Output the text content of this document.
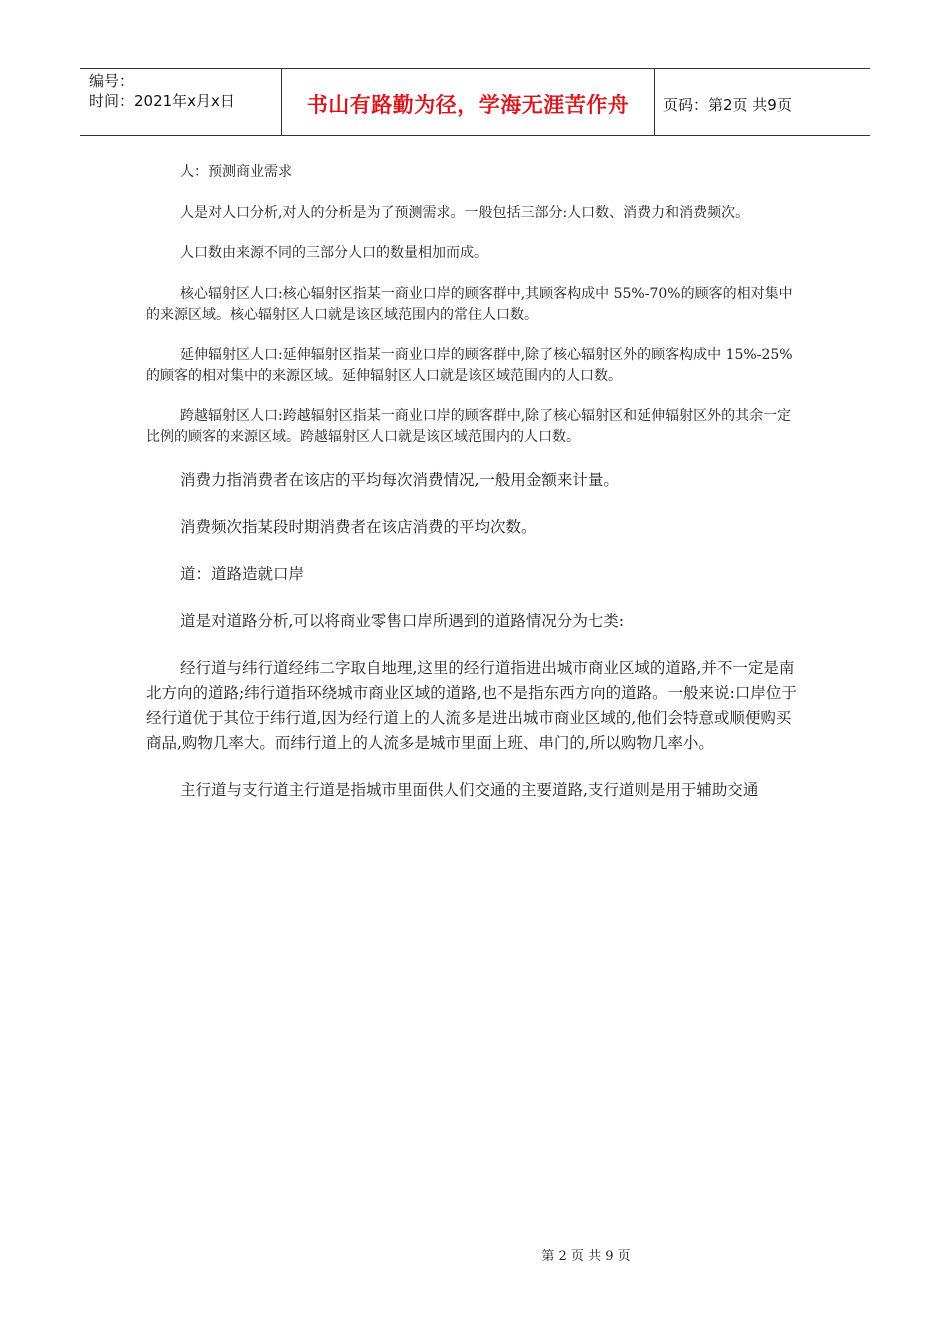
编号：
时间：2021年x月x日	书山有路勤为径，学海无涯苦作舟 页码：第2页 共9页

人：预测商业需求

人是对人口分析,对人的分析是为了预测需求。一般包括三部分:人口数、消费力和消费频次。

人口数由来源不同的三部分人口的数量相加而成。

核心辐射区人口:核心辐射区指某一商业口岸的顾客群中,其顾客构成中 55%-70%的顾客的相对集中的来源区域。核心辐射区人口就是该区域范围内的常住人口数。

延伸辐射区人口:延伸辐射区指某一商业口岸的顾客群中,除了核心辐射区外的顾客构成中 15%-25%的顾客的相对集中的来源区域。延伸辐射区人口就是该区域范围内的人口数。

跨越辐射区人口:跨越辐射区指某一商业口岸的顾客群中,除了核心辐射区和延伸辐射区外的其余一定比例的顾客的来源区域。跨越辐射区人口就是该区域范围内的人口数。

消费力指消费者在该店的平均每次消费情况,一般用金额来计量。

消费频次指某段时期消费者在该店消费的平均次数。

道：道路造就口岸

道是对道路分析,可以将商业零售口岸所遇到的道路情况分为七类:

经行道与纬行道经纬二字取自地理,这里的经行道指进出城市商业区域的道路,并不一定是南北方向的道路;纬行道指环绕城市商业区域的道路,也不是指东西方向的道路。一般来说:口岸位于经行道优于其位于纬行道,因为经行道上的人流多是进出城市商业区域的,他们会特意或顺便购买商品,购物几率大。而纬行道上的人流多是城市里面上班、串门的,所以购物几率小。

主行道与支行道主行道是指城市里面供人们交通的主要道路,支行道则是用于辅助交通

第 2 页 共 9 页
